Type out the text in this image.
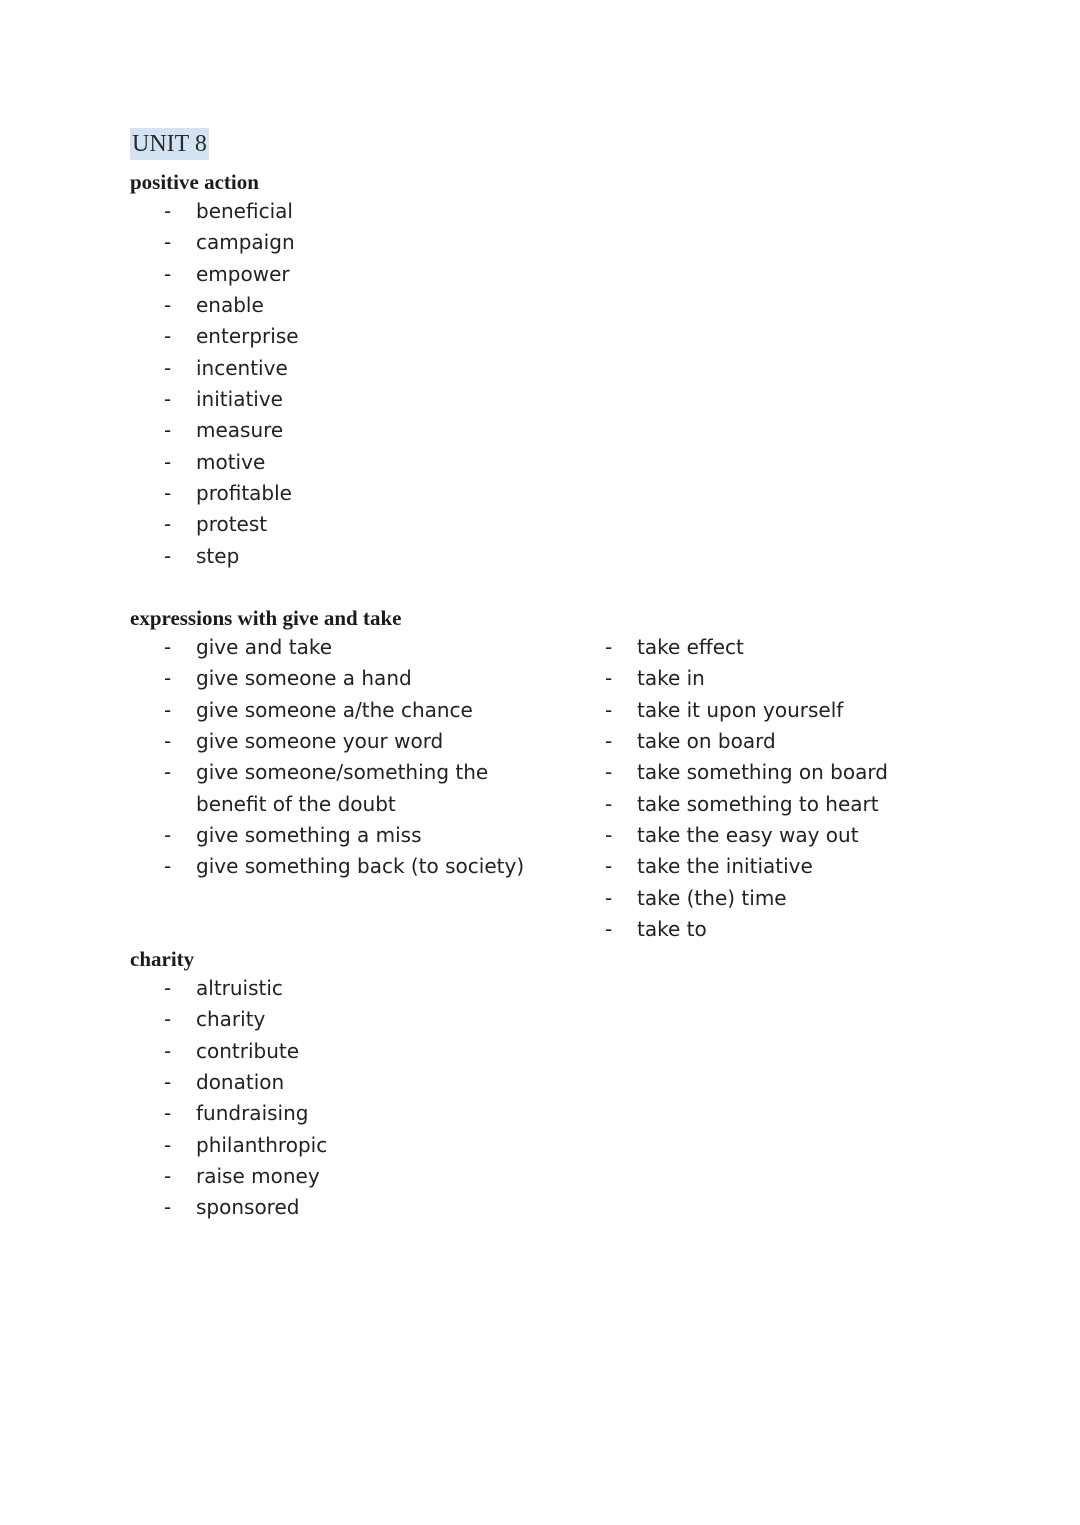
UNIT 8
positive action
- beneficial
- campaign
- empower
- enable
- enterprise
- incentive
- initiative
- measure
- motive
- profitable
- protest
- step
expressions with give and take
- give and take
- give someone a hand
- give someone a/the chance
- give someone your word
- give someone/something the benefit of the doubt
- give something a miss
- give something back (to society)
- take effect
- take in
- take it upon yourself
- take on board
- take something on board
- take something to heart
- take the easy way out
- take the initiative
- take (the) time
- take to
charity
- altruistic
- charity
- contribute
- donation
- fundraising
- philanthropic
- raise money
- sponsored
